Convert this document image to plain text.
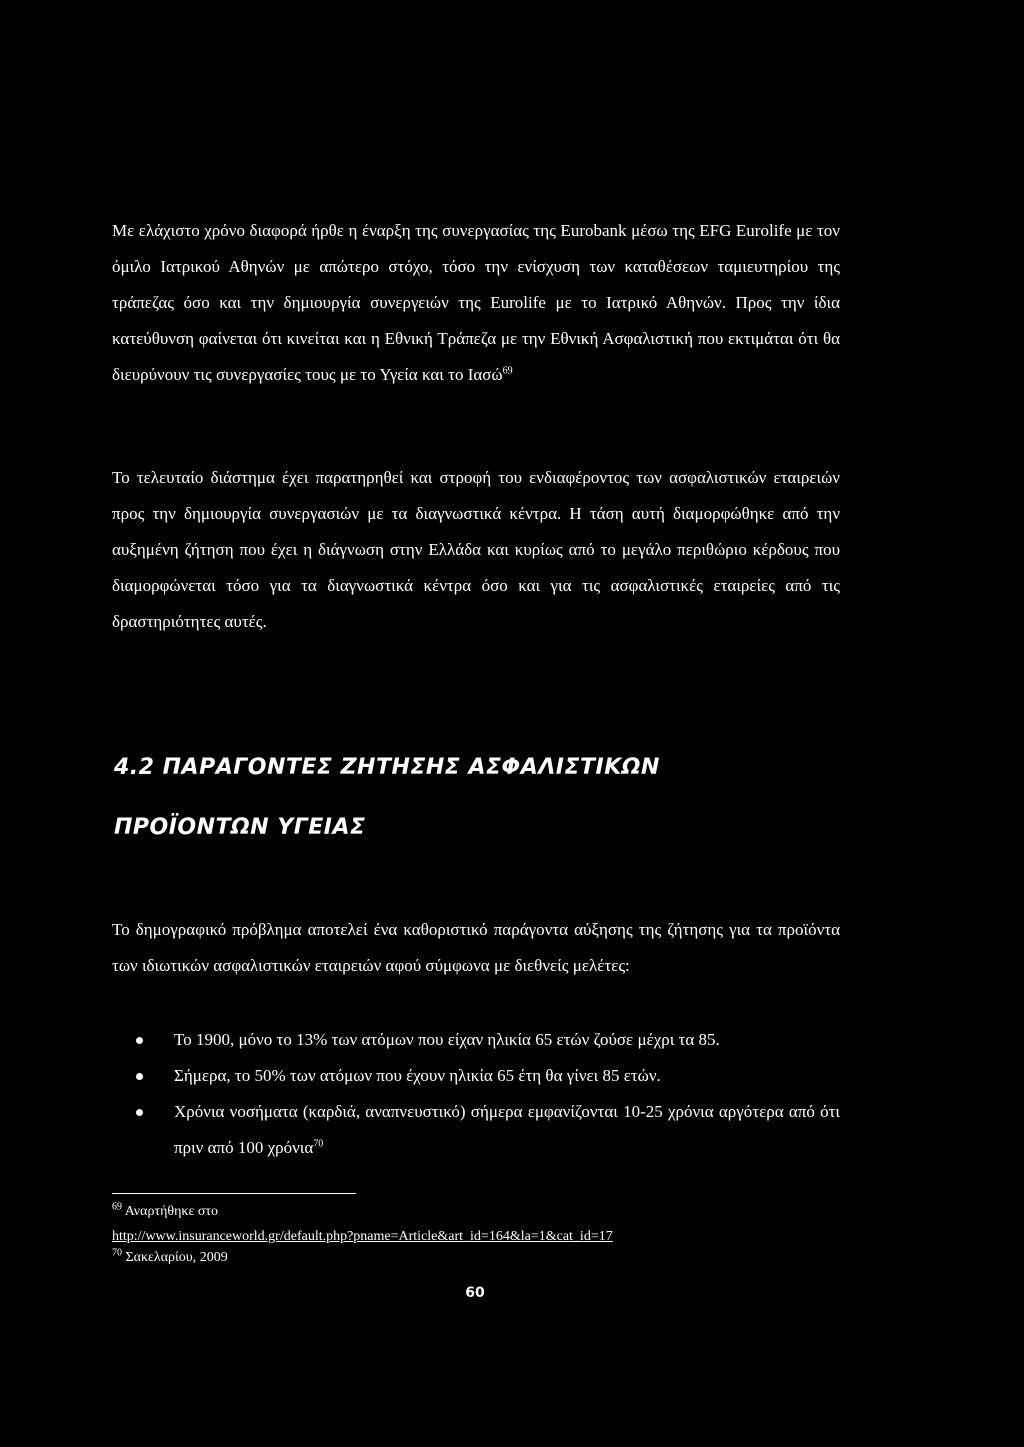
Με ελάχιστο χρόνο διαφορά ήρθε η έναρξη της συνεργασίας της Eurobank μέσω της EFG Eurolife με τον όμιλο Ιατρικού Αθηνών με απώτερο στόχο, τόσο την ενίσχυση των καταθέσεων ταμιευτηρίου της τράπεζας όσο και την δημιουργία συνεργειών της Eurolife με το Ιατρικό Αθηνών. Προς την ίδια κατεύθυνση φαίνεται ότι κινείται και η Εθνική Τράπεζα με την Εθνική Ασφαλιστική που εκτιμάται ότι θα διευρύνουν τις συνεργασίες τους με το Υγεία και το Ιασώ$^{69}$

Το τελευταίο διάστημα έχει παρατηρηθεί και στροφή του ενδιαφέροντος των ασφαλιστικών εταιρειών προς την δημιουργία συνεργασιών με τα διαγνωστικά κέντρα. Η τάση αυτή διαμορφώθηκε από την αυξημένη ζήτηση που έχει η διάγνωση στην Ελλάδα και κυρίως από το μεγάλο περιθώριο κέρδους που διαμορφώνεται τόσο για τα διαγνωστικά κέντρα όσο και για τις ασφαλιστικές εταιρείες από τις δραστηριότητες αυτές.

4.2 ΠΑΡΑΓΟΝΤΕΣ ΖΗΤΗΣΗΣ ΑΣΦΑΛΙΣΤΙΚΩΝ
ΠΡΟΪΟΝΤΩΝ ΥΓΕΙΑΣ

Το δημογραφικό πρόβλημα αποτελεί ένα καθοριστικό παράγοντα αύξησης της ζήτησης για τα προϊόντα των ιδιωτικών ασφαλιστικών εταιρειών αφού σύμφωνα με διεθνείς μελέτες:

Το 1900, μόνο το 13% των ατόμων που είχαν ηλικία 65 ετών ζούσε μέχρι τα 85.
Σήμερα, το 50% των ατόμων που έχουν ηλικία 65 έτη θα γίνει 85 ετών.
Χρόνια νοσήματα (καρδιά, αναπνευστικό) σήμερα εμφανίζονται 10-25 χρόνια αργότερα από ότι πριν από 100 χρόνια$^{70}$

$^{69}$ Αναρτήθηκε στο

http://www.insuranceworld.gr/default.php?pname=Article&art_id=164&la=1&cat_id=17

$^{70}$ Σακελαρίου, 2009

60
